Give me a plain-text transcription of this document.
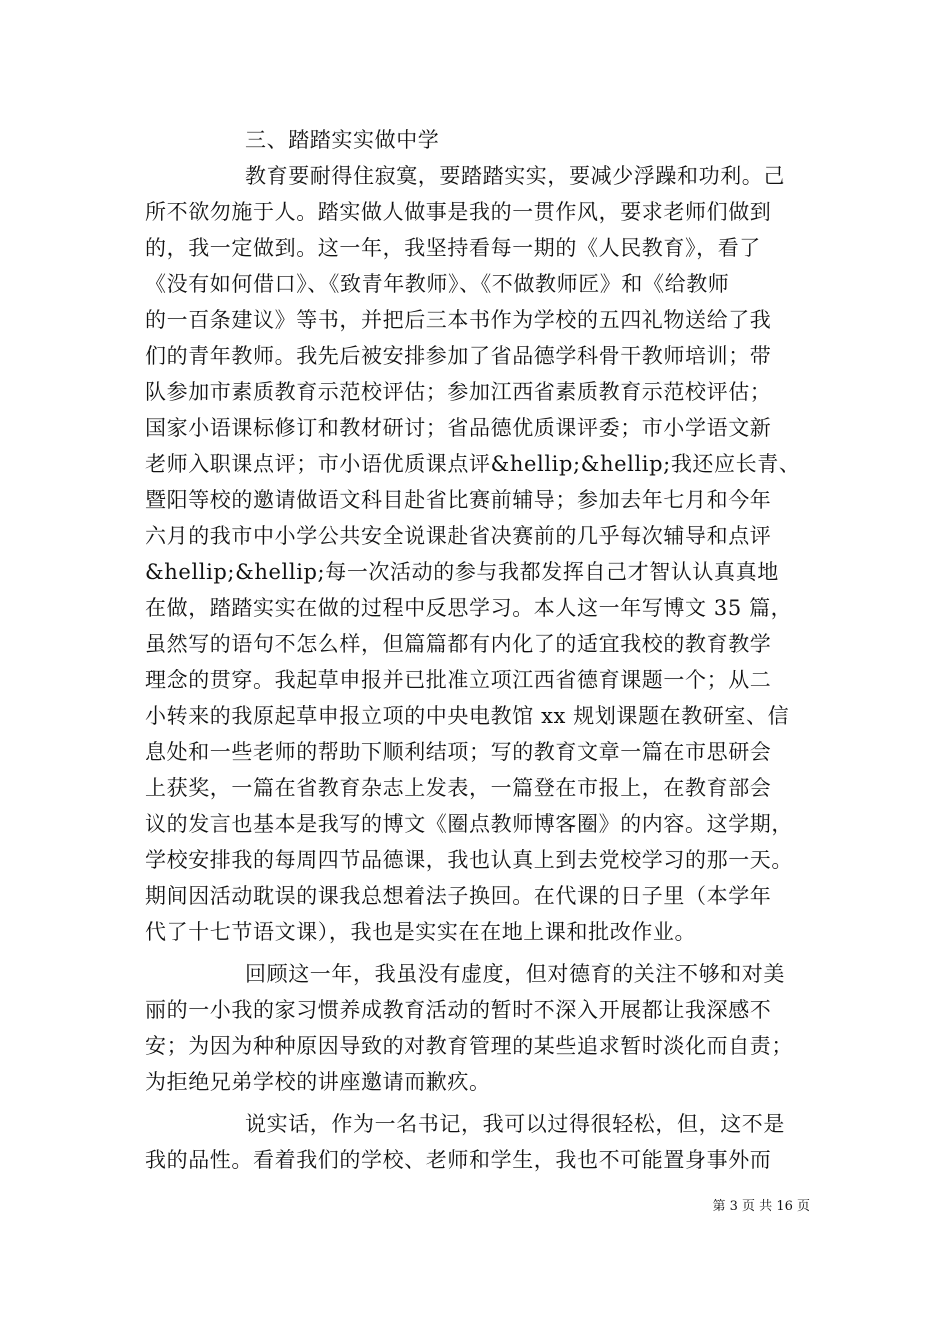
三、踏踏实实做中学
教育要耐得住寂寞，要踏踏实实，要减少浮躁和功利。己
所不欲勿施于人。踏实做人做事是我的一贯作风，要求老师们做到
的，我一定做到。这一年，我坚持看每一期的《人民教育》，看了
《没有如何借口》、《致青年教师》、《不做教师匠》和《给教师
的一百条建议》等书，并把后三本书作为学校的五四礼物送给了我
们的青年教师。我先后被安排参加了省品德学科骨干教师培训；带
队参加市素质教育示范校评估；参加江西省素质教育示范校评估；
国家小语课标修订和教材研讨；省品德优质课评委；市小学语文新
老师入职课点评；市小语优质课点评&hellip;&hellip;我还应长青、
暨阳等校的邀请做语文科目赴省比赛前辅导；参加去年七月和今年
六月的我市中小学公共安全说课赴省决赛前的几乎每次辅导和点评
&hellip;&hellip;每一次活动的参与我都发挥自己才智认认真真地
在做，踏踏实实在做的过程中反思学习。本人这一年写博文 35 篇，
虽然写的语句不怎么样，但篇篇都有内化了的适宜我校的教育教学
理念的贯穿。我起草申报并已批准立项江西省德育课题一个；从二
小转来的我原起草申报立项的中央电教馆 xx 规划课题在教研室、信
息处和一些老师的帮助下顺利结项；写的教育文章一篇在市思研会
上获奖，一篇在省教育杂志上发表，一篇登在市报上，在教育部会
议的发言也基本是我写的博文《圈点教师博客圈》的内容。这学期，
学校安排我的每周四节品德课，我也认真上到去党校学习的那一天。
期间因活动耽误的课我总想着法子换回。在代课的日子里（本学年
代了十七节语文课），我也是实实在在地上课和批改作业。
回顾这一年，我虽没有虚度，但对德育的关注不够和对美
丽的一小我的家习惯养成教育活动的暂时不深入开展都让我深感不
安；为因为种种原因导致的对教育管理的某些追求暂时淡化而自责；
为拒绝兄弟学校的讲座邀请而歉疚。
说实话，作为一名书记，我可以过得很轻松，但，这不是
我的品性。看着我们的学校、老师和学生，我也不可能置身事外而
第 3 页 共 16 页
